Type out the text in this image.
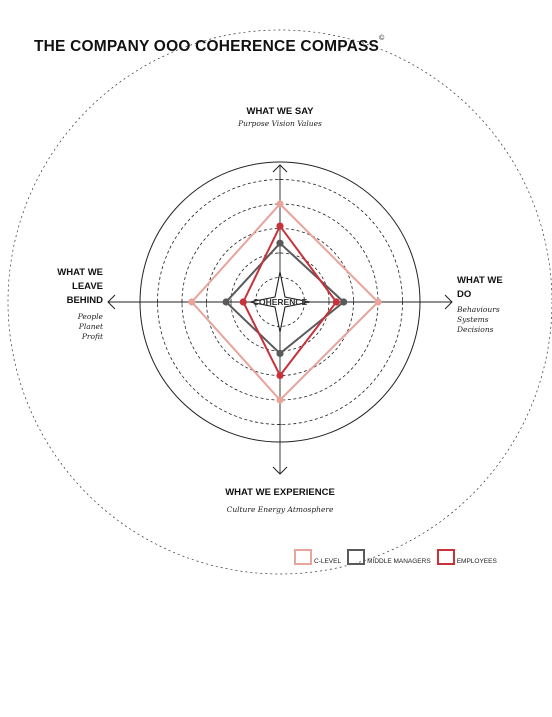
THE COMPANY OOO COHERENCE COMPASS©
COHERENCE
WHAT WE SAY
Purpose Vision Values
WHAT WE EXPERIENCE
Culture Energy Atmosphere
WHAT WE
DO
Behaviours
Systems
Decisions
WHAT WE
LEAVE
BEHIND
People
Planet
Profit
C-LEVEL	MIDDLE MANAGERS	EMPLOYEES
